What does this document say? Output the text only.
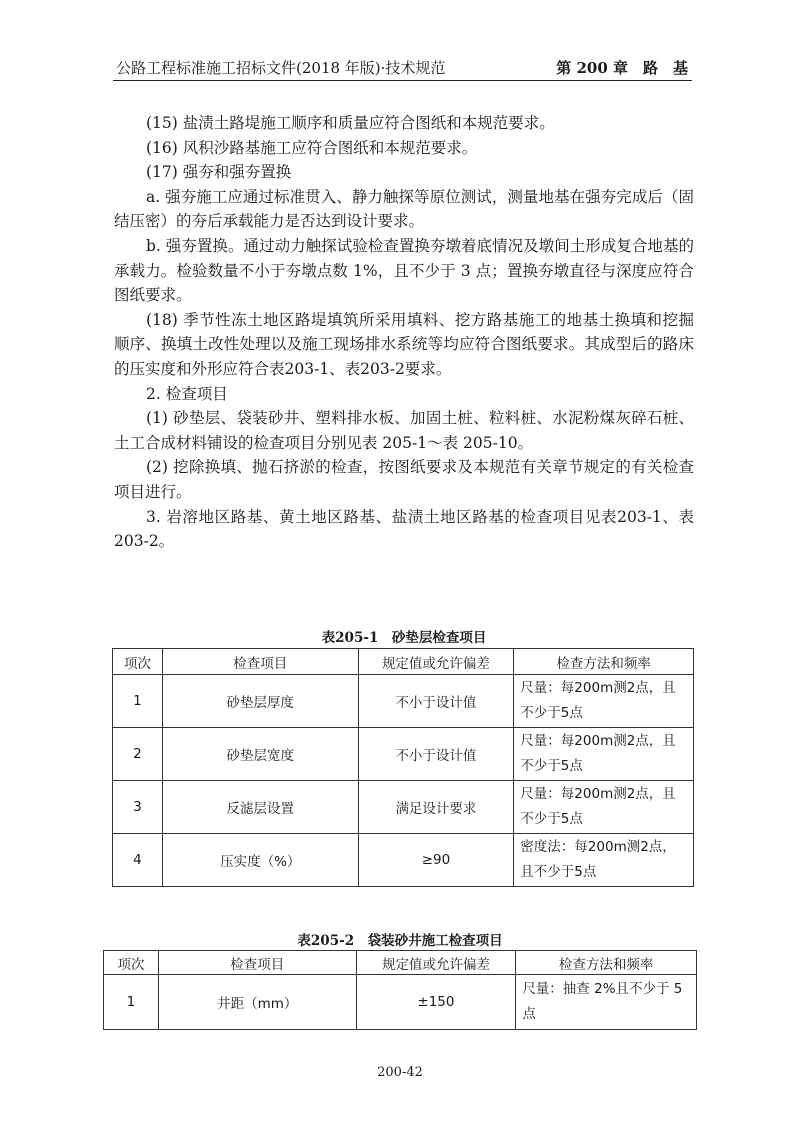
公路工程标准施工招标文件(2018 年版)·技术规范	第 200 章　路　基

(15) 盐渍土路堤施工顺序和质量应符合图纸和本规范要求。

(16) 风积沙路基施工应符合图纸和本规范要求。

(17) 强夯和强夯置换

a. 强夯施工应通过标准贯入、静力触探等原位测试，测量地基在强夯完成后（固结压密）的夯后承载能力是否达到设计要求。

b. 强夯置换。通过动力触探试验检查置换夯墩着底情况及墩间土形成复合地基的承载力。检验数量不小于夯墩点数 1%，且不少于 3 点；置换夯墩直径与深度应符合图纸要求。

(18) 季节性冻土地区路堤填筑所采用填料、挖方路基施工的地基土换填和挖掘顺序、换填土改性处理以及施工现场排水系统等均应符合图纸要求。其成型后的路床的压实度和外形应符合表203-1、表203-2要求。

2. 检查项目

(1) 砂垫层、袋装砂井、塑料排水板、加固土桩、粒料桩、水泥粉煤灰碎石桩、土工合成材料铺设的检查项目分别见表 205-1～表 205-10。

(2) 挖除换填、抛石挤淤的检查，按图纸要求及本规范有关章节规定的有关检查项目进行。

3. 岩溶地区路基、黄土地区路基、盐渍土地区路基的检查项目见表203-1、表203-2。

表205-1　砂垫层检查项目
项次	检查项目	规定值或允许偏差	检查方法和频率
1	砂垫层厚度	不小于设计值	尺量：每200m测2点，且不少于5点
2	砂垫层宽度	不小于设计值	尺量：每200m测2点，且不少于5点
3	反滤层设置	满足设计要求	尺量：每200m测2点，且不少于5点
4	压实度（%）	≥90	密度法：每200m测2点，且不少于5点
表205-2　袋装砂井施工检查项目
项次	检查项目	规定值或允许偏差	检查方法和频率
1	井距（mm）	±150	尺量：抽查 2%且不少于 5 点
200-42
